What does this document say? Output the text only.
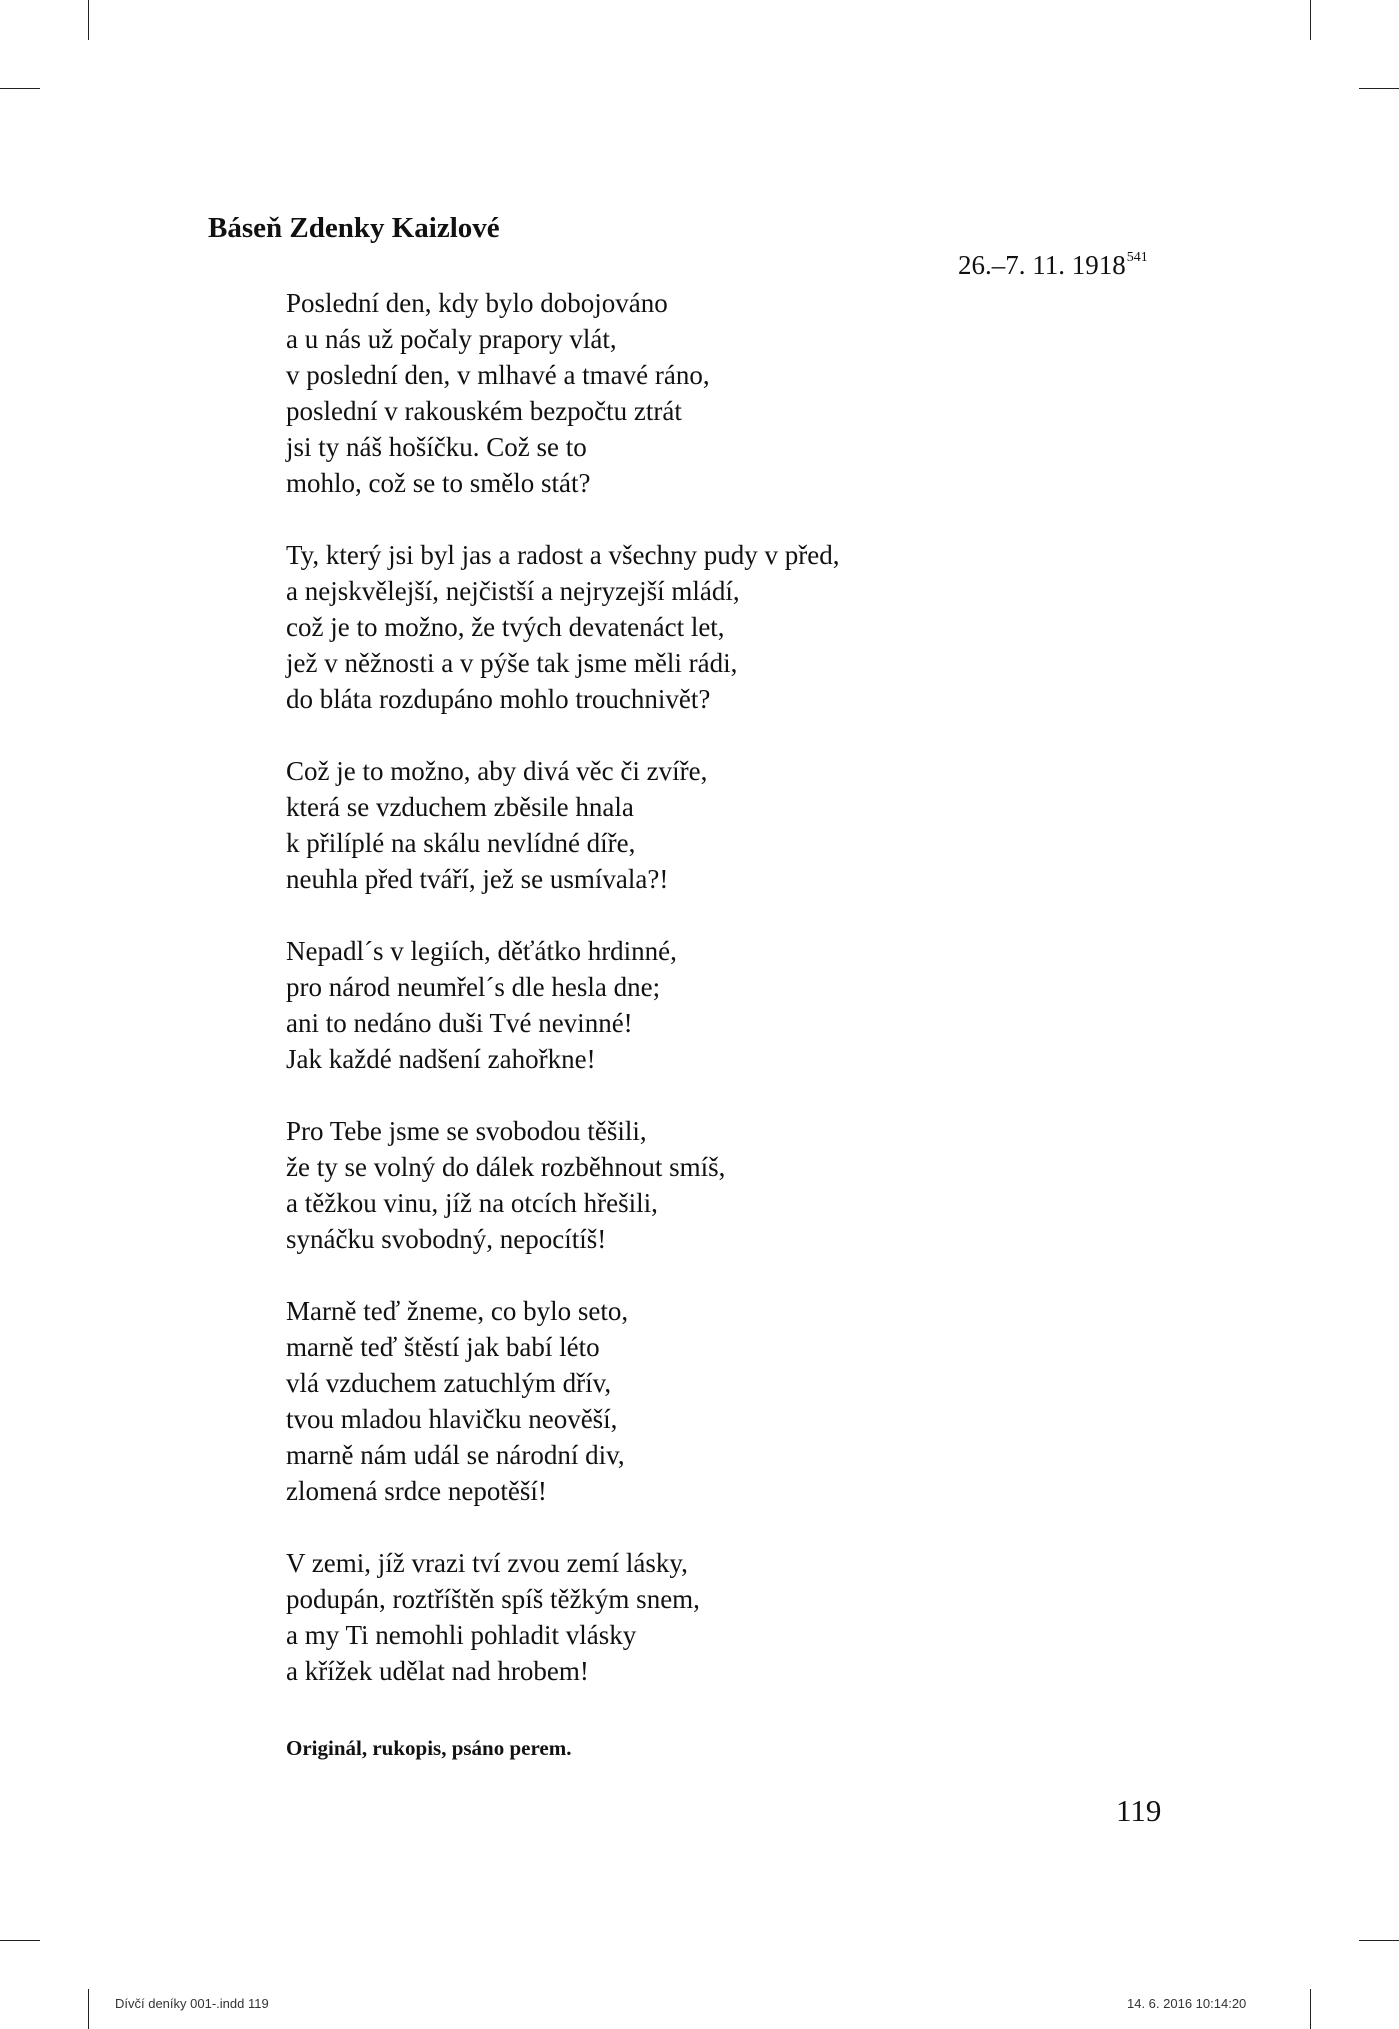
Báseň Zdenky Kaizlové
26.–7. 11. 1918$^{541}$
Poslední den, kdy bylo dobojováno
a u nás už počaly prapory vlát,
v poslední den, v mlhavé a tmavé ráno,
poslední v rakouském bezpočtu ztrát
jsi ty náš hošíčku. Což se to
mohlo, což se to smělo stát?
Ty, který jsi byl jas a radost a všechny pudy v před,
a nejskvělejší, nejčistší a nejryzejší mládí,
což je to možno, že tvých devatenáct let,
jež v něžnosti a v pýše tak jsme měli rádi,
do bláta rozdupáno mohlo trouchnivět?
Což je to možno, aby divá věc či zvíře,
která se vzduchem zběsile hnala
k přilíplé na skálu nevlídné díře,
neuhla před tváří, jež se usmívala?!
Nepadl´s v legiích, děťátko hrdinné,
pro národ neumřel´s dle hesla dne;
ani to nedáno duši Tvé nevinné!
Jak každé nadšení zahořkne!
Pro Tebe jsme se svobodou těšili,
že ty se volný do dálek rozběhnout smíš,
a těžkou vinu, jíž na otcích hřešili,
synáčku svobodný, nepocítíš!
Marně teď žneme, co bylo seto,
marně teď štěstí jak babí léto
vlá vzduchem zatuchlým dřív,
tvou mladou hlavičku neověší,
marně nám udál se národní div,
zlomená srdce nepotěší!
V zemi, jíž vrazi tví zvou zemí lásky,
podupán, roztříštěn spíš těžkým snem,
a my Ti nemohli pohladit vlásky
a křížek udělat nad hrobem!
Originál, rukopis, psáno perem.
119
Dívčí deníky 001-.indd 119	14. 6. 2016 10:14:20
